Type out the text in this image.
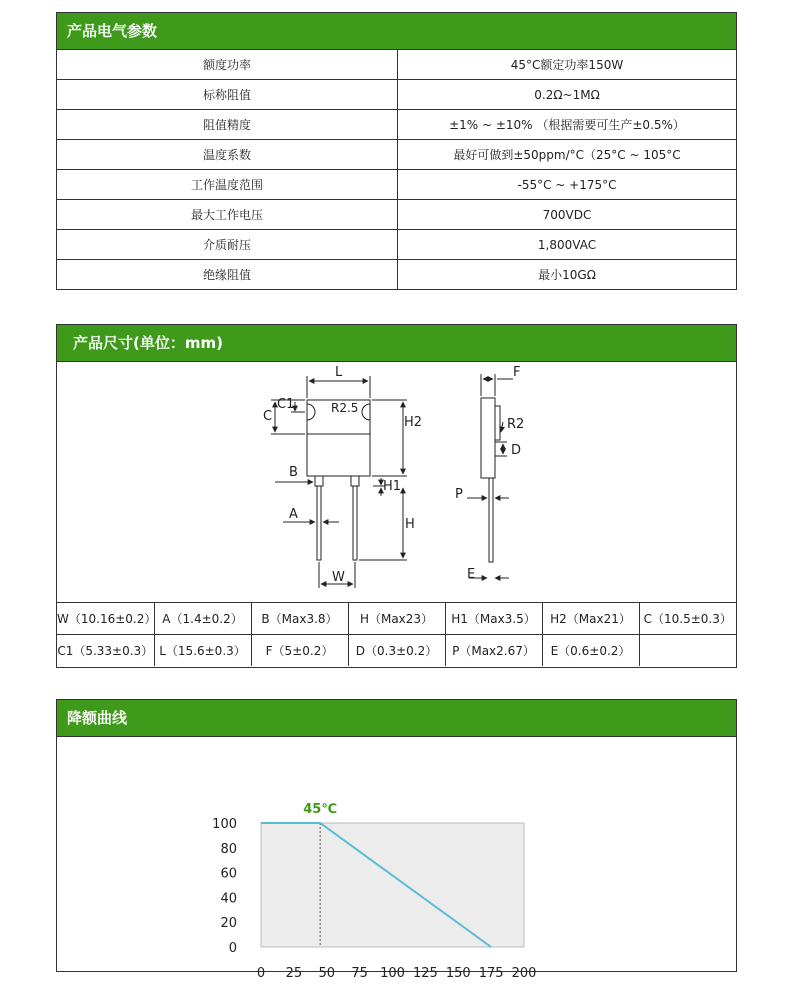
产品电气参数
额度功率	45°C额定功率150W
标称阻值	0.2Ω~1MΩ
阻值精度	±1% ~ ±10% （根据需要可生产±0.5%）
温度系数	最好可做到±50ppm/°C（25°C ~ 105°C
工作温度范围	-55°C ~ +175°C
最大工作电压	700VDC
介质耐压	1,800VAC
绝缘阻值	最小10GΩ
产品尺寸(单位：mm)
L
C
C1	R2.5
H2
B
H1
A
H
W
F
R2
D
P
E
W（10.16±0.2）	A（1.4±0.2）	B（Max3.8）	H（Max23）	H1（Max3.5）	H2（Max21）	C（10.5±0.3）
C1（5.33±0.3）	L（15.6±0.3）	F（5±0.2）	D（0.3±0.2）	P（Max2.67）	E（0.6±0.2）	
降额曲线
0 25 50 75 100 125 150 175 200
0
20
40
60
80
100
45℃
